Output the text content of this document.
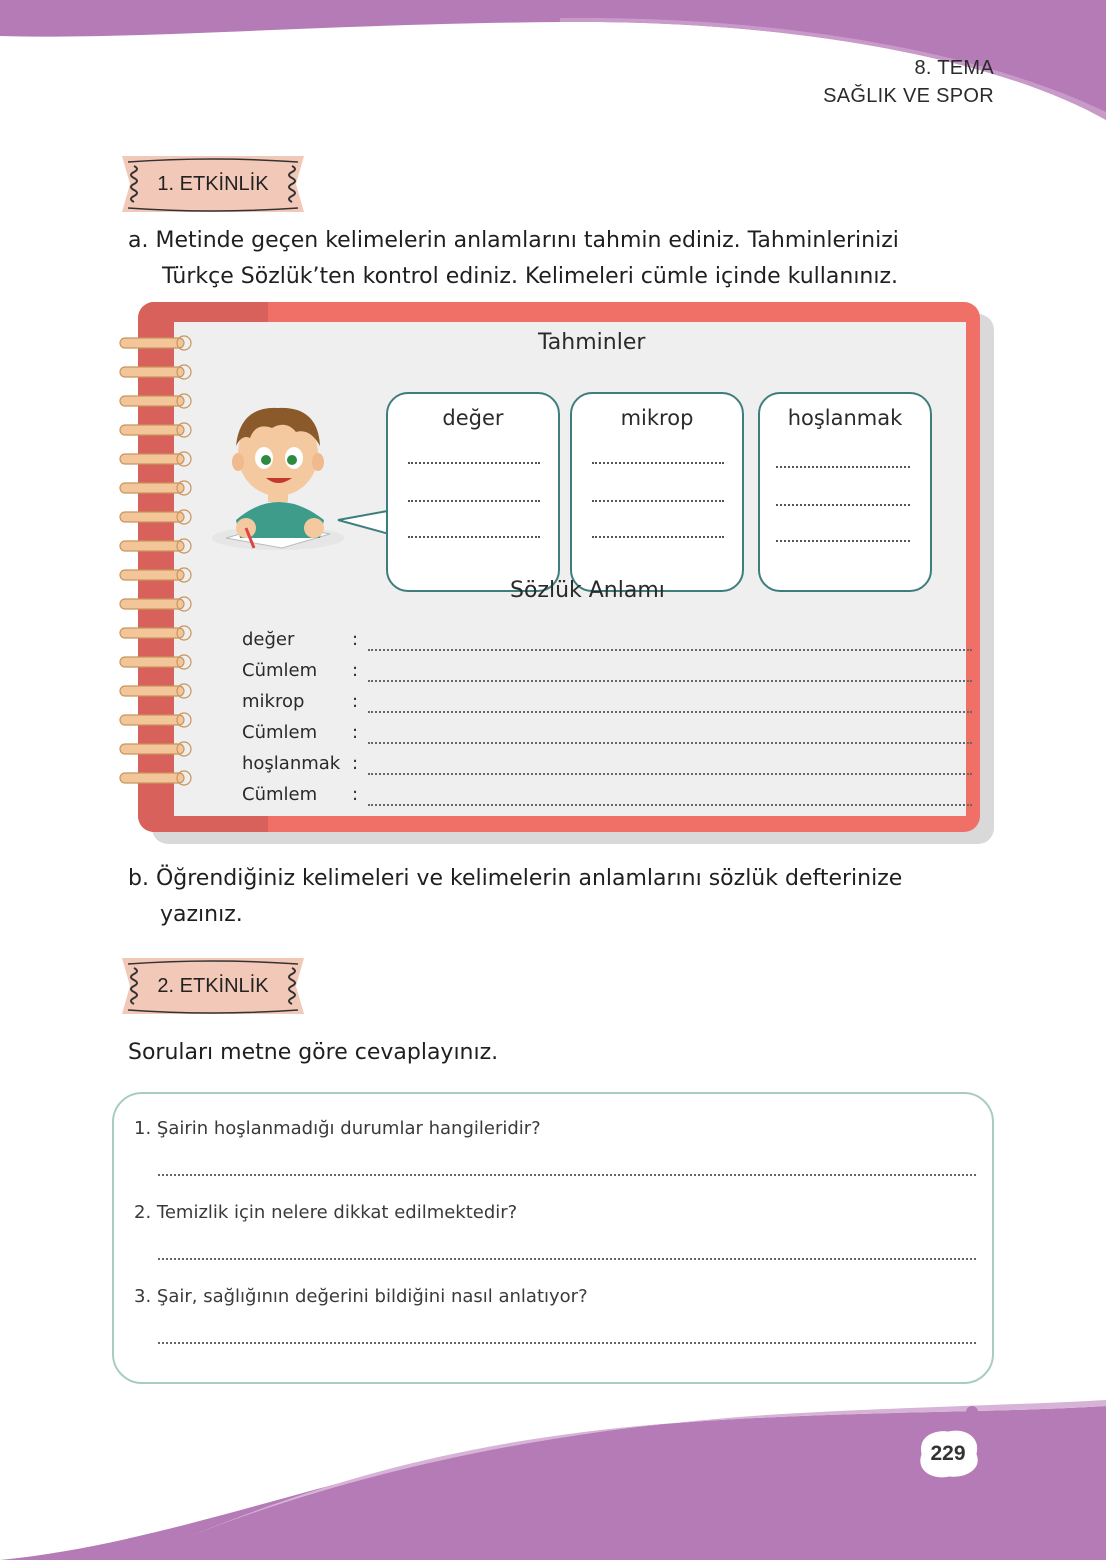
8. TEMA
SAĞLIK VE SPOR
1. ETKİNLİK
a. Metinde geçen kelimelerin anlamlarını tahmin ediniz. Tahminlerinizi
Türkçe Sözlük’ten kontrol ediniz. Kelimeleri cümle içinde kullanınız.
Tahminler
değer	mikrop	hoşlanmak
Sözlük Anlamı
değer	:
Cümlem :
mikrop	:
Cümlem :
hoşlanmak :
Cümlem :
b. Öğrendiğiniz kelimeleri ve kelimelerin anlamlarını sözlük defterinize
yazınız.
2. ETKİNLİK
Soruları metne göre cevaplayınız.
1. Şairin hoşlanmadığı durumlar hangileridir?
2. Temizlik için nelere dikkat edilmektedir?
3. Şair, sağlığının değerini bildiğini nasıl anlatıyor?
229
